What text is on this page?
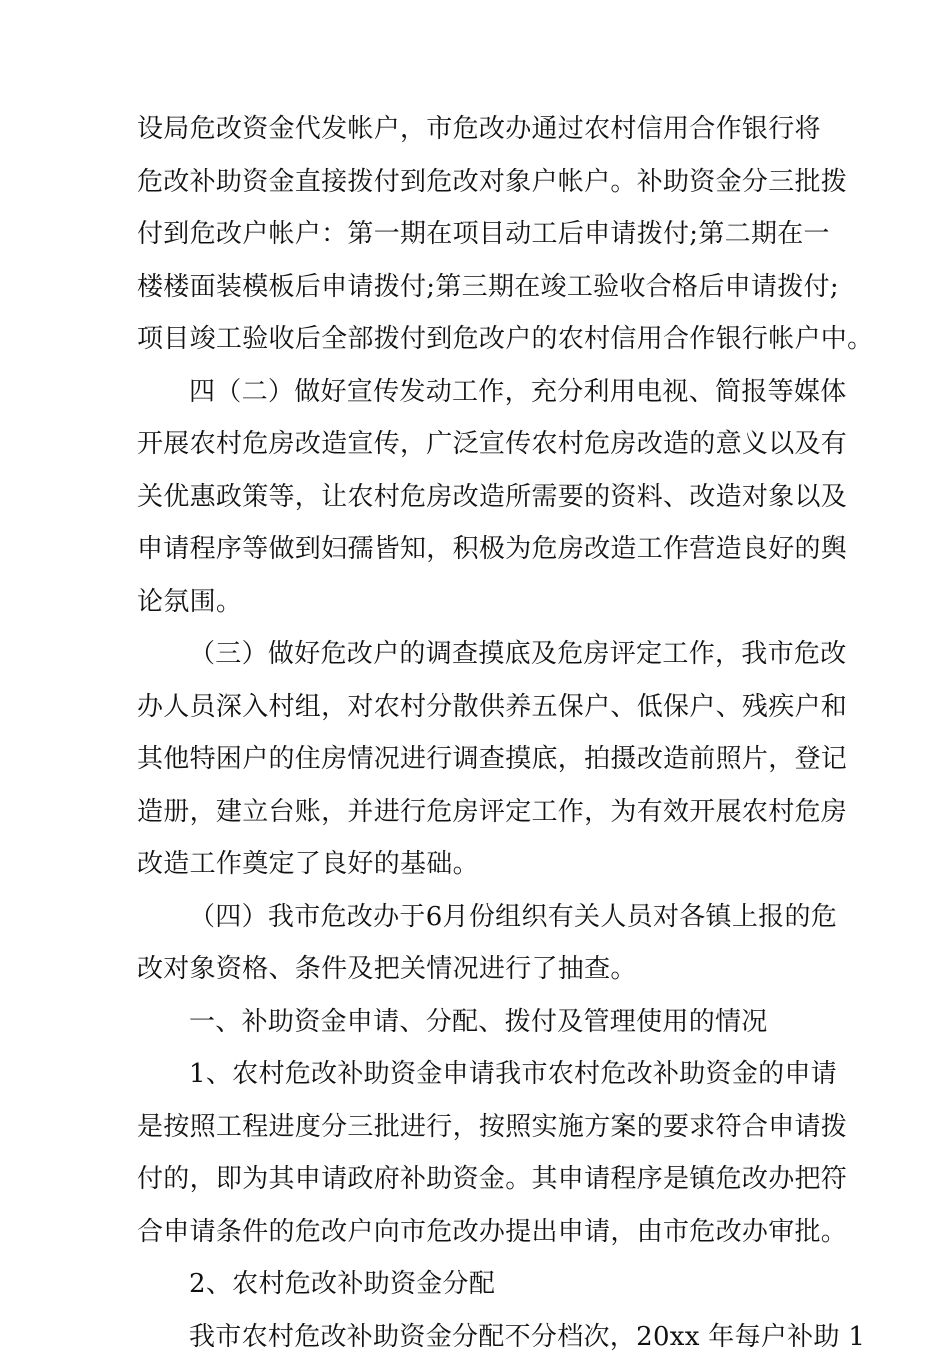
设局危改资金代发帐户，市危改办通过农村信用合作银行将
危改补助资金直接拨付到危改对象户帐户。补助资金分三批拨
付到危改户帐户：第一期在项目动工后申请拨付;第二期在一
楼楼面装模板后申请拨付;第三期在竣工验收合格后申请拨付;
项目竣工验收后全部拨付到危改户的农村信用合作银行帐户中。
四（二）做好宣传发动工作，充分利用电视、简报等媒体
开展农村危房改造宣传，广泛宣传农村危房改造的意义以及有
关优惠政策等，让农村危房改造所需要的资料、改造对象以及
申请程序等做到妇孺皆知，积极为危房改造工作营造良好的舆
论氛围。
（三）做好危改户的调查摸底及危房评定工作，我市危改
办人员深入村组，对农村分散供养五保户、低保户、残疾户和
其他特困户的住房情况进行调查摸底，拍摄改造前照片，登记
造册，建立台账，并进行危房评定工作，为有效开展农村危房
改造工作奠定了良好的基础。
（四）我市危改办于6月份组织有关人员对各镇上报的危
改对象资格、条件及把关情况进行了抽查。
一、补助资金申请、分配、拨付及管理使用的情况
1、农村危改补助资金申请我市农村危改补助资金的申请
是按照工程进度分三批进行，按照实施方案的要求符合申请拨
付的，即为其申请政府补助资金。其申请程序是镇危改办把符
合申请条件的危改户向市危改办提出申请，由市危改办审批。
2、农村危改补助资金分配
我市农村危改补助资金分配不分档次，20xx 年每户补助 1
